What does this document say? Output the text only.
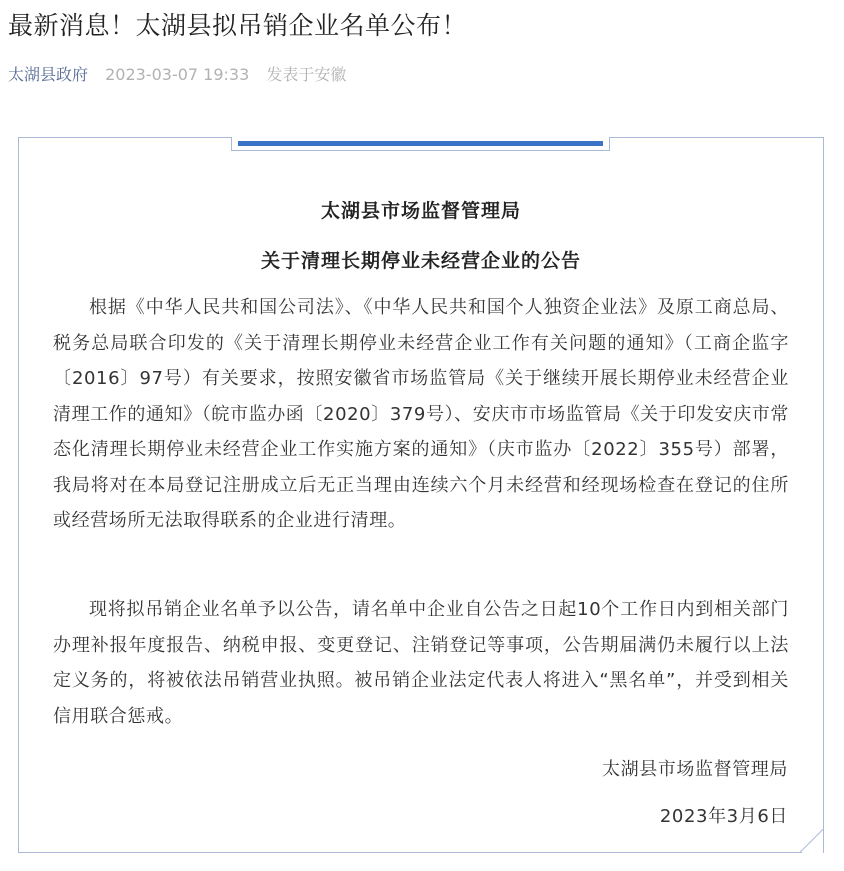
最新消息！太湖县拟吊销企业名单公布！
太湖县政府 2023-03-07 19:33 发表于安徽
太湖县市场监督管理局
关于清理长期停业未经营企业的公告

根据《中华人民共和国公司法》、《中华人民共和国个人独资企业法》及原工商总局、税务总局联合印发的《关于清理长期停业未经营企业工作有关问题的通知》（工商企监字〔2016〕97号）有关要求，按照安徽省市场监管局《关于继续开展长期停业未经营企业清理工作的通知》（皖市监办函〔2020〕379号）、安庆市市场监管局《关于印发安庆市常态化清理长期停业未经营企业工作实施方案的通知》（庆市监办〔2022〕355号）部署，我局将对在本局登记注册成立后无正当理由连续六个月未经营和经现场检查在登记的住所或经营场所无法取得联系的企业进行清理。

现将拟吊销企业名单予以公告，请名单中企业自公告之日起10个工作日内到相关部门办理补报年度报告、纳税申报、变更登记、注销登记等事项，公告期届满仍未履行以上法定义务的，将被依法吊销营业执照。被吊销企业法定代表人将进入“黑名单”，并受到相关信用联合惩戒。

太湖县市场监督管理局
2023年3月6日
